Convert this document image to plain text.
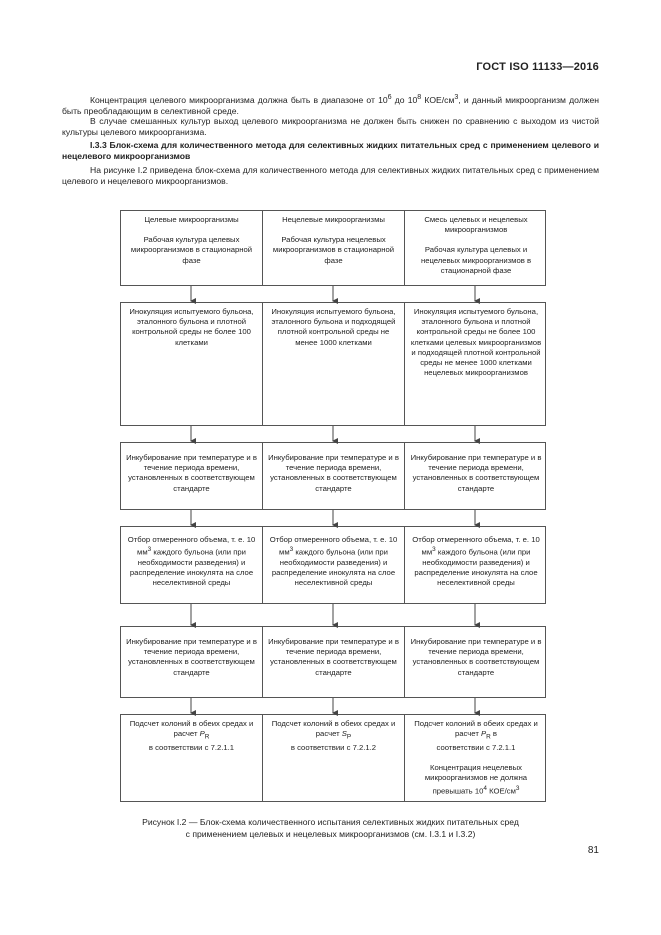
ГОСТ ISO 11133—2016
Концентрация целевого микроорганизма должна быть в диапазоне от $10^6$ до $10^8$ КОЕ/$см^3$, и данный микроорганизм должен быть преобладающим в селективной среде.
В случае смешанных культур выход целевого микроорганизма не должен быть снижен по сравнению с выходом из чистой культуры целевого микроорганизма.
I.3.3 Блок-схема для количественного метода для селективных жидких питательных сред с применением целевого и нецелевого микроорганизмов
На рисунке I.2 приведена блок-схема для количественного метода для селективных жидких питательных сред с применением целевого и нецелевого микроорганизмов.
Целевые микроорганизмы
Рабочая культура целевых микроорганизмов в стационарной фазе
Нецелевые микроорганизмы
Рабочая культура нецелевых микроорганизмов в стационарной фазе
Смесь целевых и нецелевых микроорганизмов
Рабочая культура целевых и нецелевых микроорганизмов в стационарной фазе
Инокуляция испытуемого бульона, эталонного бульона и плотной контрольной среды не более 100 клетками
Инокуляция испытуемого бульона, эталонного бульона и подходящей плотной контрольной среды не менее 1000 клетками
Инокуляция испытуемого бульона, эталонного бульона и плотной контрольной среды не более 100 клетками целевых микроорганизмов и подходящей плотной контрольной среды не менее 1000 клетками нецелевых микроорганизмов
Инкубирование при температуре и в течение периода времени, установленных в соответствующем стандарте
Инкубирование при температуре и в течение периода времени, установленных в соответствующем стандарте
Инкубирование при температуре и в течение периода времени, установленных в соответствующем стандарте
Отбор отмеренного объема, т. е. 10 $мм^3$ каждого бульона (или при необходимости разведения) и распределение инокулята на слое неселективной среды
Отбор отмеренного объема, т. е. 10 $мм^3$ каждого бульона (или при необходимости разведения) и распределение инокулята на слое неселективной среды
Отбор отмеренного объема, т. е. 10 $мм^3$ каждого бульона (или при необходимости разведения) и распределение инокулята на слое неселективной среды
Инкубирование при температуре и в течение периода времени, установленных в соответствующем стандарте
Инкубирование при температуре и в течение периода времени, установленных в соответствующем стандарте
Инкубирование при температуре и в течение периода времени, установленных в соответствующем стандарте
Подсчет колоний в обеих средах и расчет $P_R$
в соответствии с 7.2.1.1
Подсчет колоний в обеих средах и расчет $S_P$
в соответствии с 7.2.1.2
Подсчет колоний в обеих средах и расчет $P_R$ в
соответствии с 7.2.1.1
Концентрация нецелевых микроорганизмов не должна превышать $10^4$ КОЕ/$см^3$
Рисунок I.2 — Блок-схема количественного испытания селективных жидких питательных сред
с применением целевых и нецелевых микроорганизмов (см. I.3.1 и I.3.2)
81
